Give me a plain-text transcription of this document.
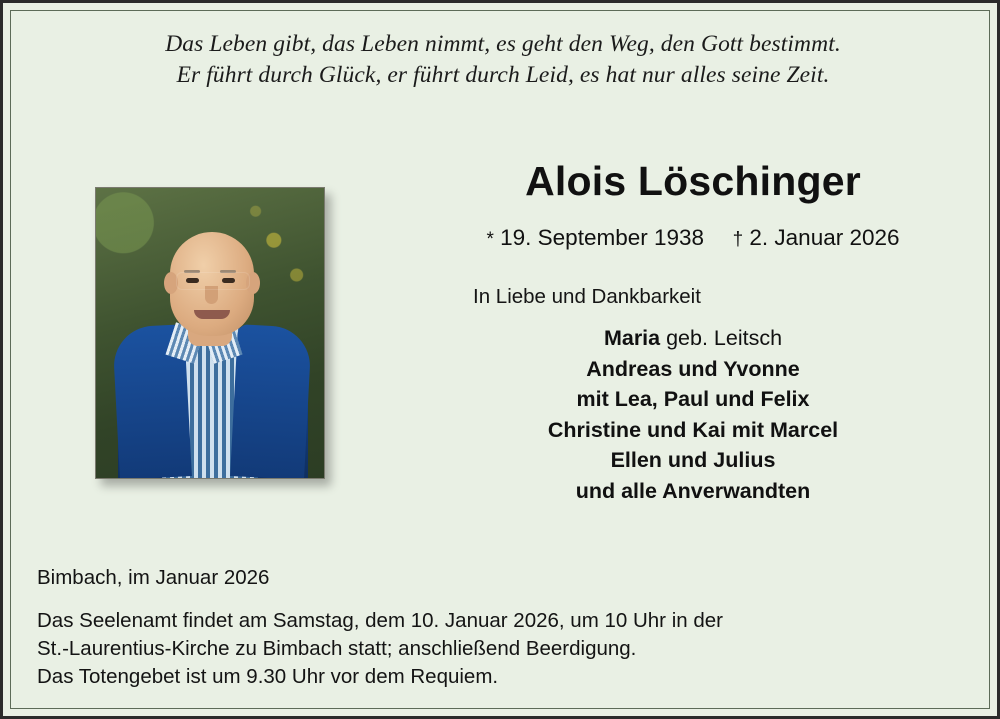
Das Leben gibt, das Leben nimmt, es geht den Weg, den Gott bestimmt.
Er führt durch Glück, er führt durch Leid, es hat nur alles seine Zeit.
Alois Löschinger
* 19. September 1938 † 2. Januar 2026
In Liebe und Dankbarkeit
Maria geb. Leitsch
Andreas und Yvonne
mit Lea, Paul und Felix
Christine und Kai mit Marcel
Ellen und Julius
und alle Anverwandten
Bimbach, im Januar 2026
Das Seelenamt findet am Samstag, dem 10. Januar 2026, um 10 Uhr in der
St.-Laurentius-Kirche zu Bimbach statt; anschließend Beerdigung.
Das Totengebet ist um 9.30 Uhr vor dem Requiem.
